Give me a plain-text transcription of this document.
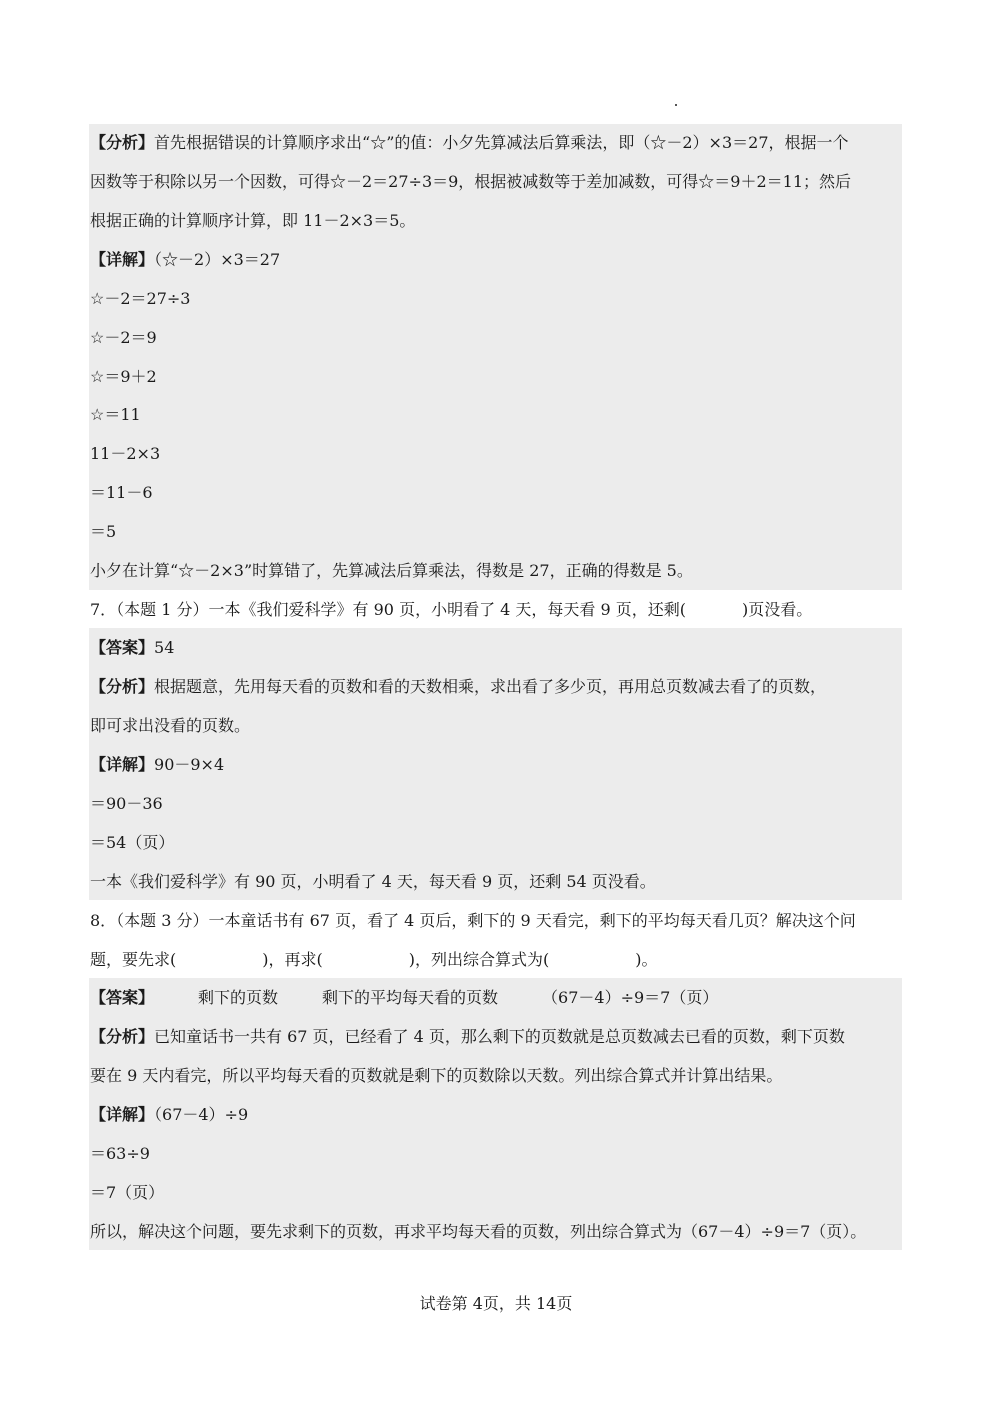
【分析】首先根据错误的计算顺序求出“☆”的值：小夕先算减法后算乘法，即（☆－2）×3＝27，根据一个
因数等于积除以另一个因数，可得☆－2＝27÷3＝9，根据被减数等于差加减数，可得☆＝9＋2＝11；然后
根据正确的计算顺序计算，即 11－2×3＝5。
【详解】（☆－2）×3＝27
☆－2＝27÷3
☆－2＝9
☆＝9＋2
☆＝11
11－2×3
＝11－6
＝5
小夕在计算“☆－2×3”时算错了，先算减法后算乘法，得数是 27，正确的得数是 5。
7．（本题 1 分）一本《我们爱科学》有 90 页，小明看了 4 天，每天看 9 页，还剩(	)页没看。
【答案】54
【分析】根据题意，先用每天看的页数和看的天数相乘，求出看了多少页，再用总页数减去看了的页数，
即可求出没看的页数。
【详解】90－9×4
＝90－36
＝54（页）
一本《我们爱科学》有 90 页，小明看了 4 天，每天看 9 页，还剩 54 页没看。
8．（本题 3 分）一本童话书有 67 页，看了 4 页后，剩下的 9 天看完，剩下的平均每天看几页？解决这个问
题，要先求(	)，再求(	)，列出综合算式为(	)。
【答案】	剩下的页数	剩下的平均每天看的页数	（67－4）÷9＝7（页）
【分析】已知童话书一共有 67 页，已经看了 4 页，那么剩下的页数就是总页数减去已看的页数，剩下页数
要在 9 天内看完，所以平均每天看的页数就是剩下的页数除以天数。列出综合算式并计算出结果。
【详解】（67－4）÷9
＝63÷9
＝7（页）
所以，解决这个问题，要先求剩下的页数，再求平均每天看的页数，列出综合算式为（67－4）÷9＝7（页）。
试卷第 4页，共 14页
